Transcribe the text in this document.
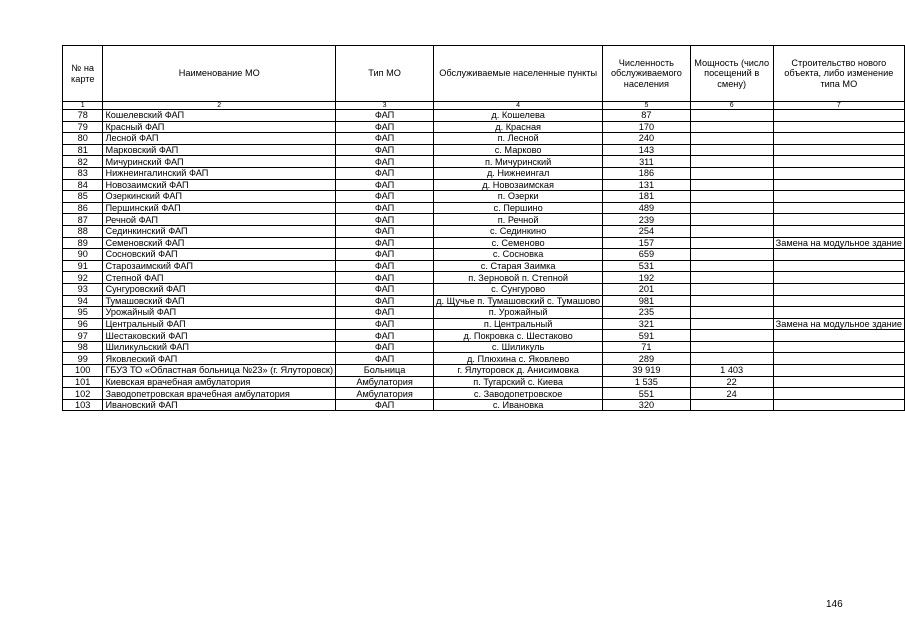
№ на карте	Наименование МО	Тип МО	Обслуживаемые населенные пункты	Численность обслуживаемого населения	Мощность (число посещений в смену)	Строительство нового объекта, либо изменение типа МО
1	2	3	4	5	6	7
78	Кошелевский ФАП	ФАП	д. Кошелева	87		
79	Красный ФАП	ФАП	д. Красная	170		
80	Лесной ФАП	ФАП	п. Лесной	240		
81	Марковский ФАП	ФАП	с. Марково	143		
82	Мичуринский ФАП	ФАП	п. Мичуринский	311		
83	Нижнеингалинский ФАП	ФАП	д. Нижнеингал	186		
84	Новозаимский ФАП	ФАП	д. Новозаимская	131		
85	Озеркинский ФАП	ФАП	п. Озерки	181		
86	Першинский ФАП	ФАП	с. Першино	489		
87	Речной ФАП	ФАП	п. Речной	239		
88	Сединкинский ФАП	ФАП	с. Сединкино	254		
89	Семеновский ФАП	ФАП	с. Семеново	157		Замена на модульное здание
90	Сосновский ФАП	ФАП	с. Сосновка	659		
91	Старозаимский ФАП	ФАП	с. Старая Заимка	531		
92	Степной ФАП	ФАП	п. Зерновой п. Степной	192		
93	Сунгуровский ФАП	ФАП	с. Сунгурово	201		
94	Тумашовский ФАП	ФАП	д. Щучье п. Тумашовский с. Тумашово	981		
95	Урожайный ФАП	ФАП	п. Урожайный	235		
96	Центральный ФАП	ФАП	п. Центральный	321		Замена на модульное здание
97	Шестаковский ФАП	ФАП	д. Покровка с. Шестаково	591		
98	Шиликульский ФАП	ФАП	с. Шиликуль	71		
99	Яковлеский ФАП	ФАП	д. Плюхина с. Яковлево	289		
100	ГБУЗ ТО «Областная больница №23» (г. Ялуторовск)	Больница	г. Ялуторовск д. Анисимовка	39 919	1 403	
101	Киевская врачебная амбулатория	Амбулатория	п. Тугарский с. Киева	1 535	22	
102	Заводопетровская врачебная амбулатория	Амбулатория	с. Заводопетровское	551	24	
103	Ивановский ФАП	ФАП	с. Ивановка	320		
146
